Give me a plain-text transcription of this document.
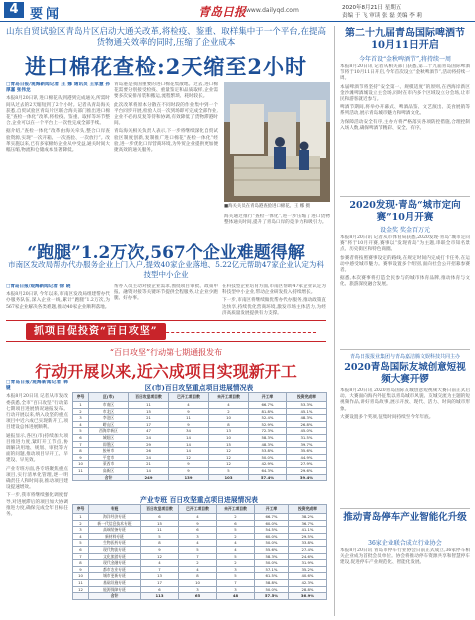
4 要闻	青岛日报 www.dailyqd.com	2020年8月21日 星期五
责编 于 飞 审读 张 磊 美编 李 莉
山东自贸试验区青岛片区启动大通关改革,将检疫、鉴重、取样集中于一个平台,在提高货物通关效率的同时,压缩了企业成本
进口棉花查检:2天缩至2小时

□青岛日报/观海新闻记者 王 娜 通讯员 王家慧 孙厚嘉 张伟龙

本报8月20日讯 进口棉花从到港到完成通关,所需时间从过去的2天缩短到了2个小时。记者从青岛海关获悉,自贸试验区青岛片区联合海关部门推出进口棉花“查检一体化”改革,将检疫、鉴重、取样等环节整合,企业可以在一个平台上一次性完成全部手续。

据介绍,“查检一体化”改革由海关牵头,整合口岸查验资源,实现“一次开箱、一次查验、一次放行”。改革实施以来,已有多家棉纺企业从中受益,通关时间大幅压缩,物流和仓储成本显著降低。

青岛港是我国重要的进口棉花集散地。过去,进口棉花需要分别接受检疫、重量鉴定和品质取样,企业需要多次安排吊装和搬运,流程繁琐、耗时较长。

此次改革将原本分散在不同时段的作业集中到一个平台同步开展,检验人员一次到场即可完成全部作业,企业不必再反复等待和协调,有效降低了货物滞港时间。

青岛海关相关负责人表示,下一步将继续深化自贸试验区制度创新,复制推广进口棉花“查检一体化”经验,进一步优化口岸营商环境,为外贸企业提供更加便捷高效的通关服务。

■海关关员在青岛港查验进口棉花。王 娜 摄

海关通过推行“查检一体化”,进一步压缩了进口货物整体通关时间,提升了青岛口岸的竞争力和吸引力。

“跑腿”1.2万次,567个企业难题得解
市南区发改局帮办代办服务企业上门入户,提效40家企业落地、5.22亿元帮助47家企业认定为科技型中小企业

□青岛日报/观海新闻记者 徐 晓

本报8月20日讯 今年以来,市南区发改局组建帮办代办服务队伍,深入企业一线,累计“跑腿”1.2万次,为567家企业解决各类难题,推动40家企业顺利落地。

帮办人员主动对接企业需求,围绕项目审批、政策申报、融资对接等关键环节提供全程服务,让企业少跑腿、好办事。

在科技型企业培育方面,市南区帮助47家企业认定为科技型中小企业,带动企业研发投入持续增长。

下一步,市南区将继续做优帮办代办服务,推动政策直达快享,持续优化营商环境,激发市场主体活力,为经济高质量发展提供有力支撑。

抓项目促投资“百日攻坚”
“百日攻坚”行动第七期通报发布
行动开展以来,近六成项目实现新开工

□青岛日报/观海新闻记者 韩 键

本报8月20日讯 记者从市发改委获悉,全市“百日攻坚”行动第七期项目进展情况通报发布。行动开展以来,纳入攻坚的重点项目中近六成已实现新开工,项目建设总体进展顺利。

通报显示,各区(市)持续加大项目推进力度,紧盯开工节点,协调解决用地、规划、审批等方面的问题,推动项目早开工、早建设、早见效。

产业专班方面,各专班聚焦重点项目,实行清单化管理,逐一明确责任人和时间表,推动项目建设提速增效。

下一步,我市将继续强化调度督导,对进展滞后的项目加大协调推进力度,确保完成全年目标任务。

区(市)百日攻坚重点项目进展情况表
序号	区(市)	百日攻坚项目数	已开工项目数	未开工项目数	开工率	投资完成率
1	市南区	11	4	4	66.7%	53.3%
2	市北区	15	9	2	81.8%	45.1%
3	李沧区	21	11	10	52.4%	48.3%
4	崂山区	17	9	8	52.9%	26.8%
5	西海岸新区	47	34	13	72.3%	45.0%
6	城阳区	24	14	10	58.3%	31.5%
7	即墨区	29	14	15	48.3%	39.7%
8	胶州市	26	14	12	53.8%	35.6%
9	平度市	24	12	12	50.0%	44.9%
10	莱西市	21	9	12	42.9%	27.9%
11	高新区	14	9	5	64.3%	29.6%
	合计	249	139	103	57.4%	39.4%
产业专班 百日攻坚重点项目进展情况表
序号	专班	百日攻坚项目数	已开工项目数	未开工项目数	开工率	投资完成率
1	海洋经济专班	6	4	2	66.7%	38.2%
2	新一代信息技术专班	15	9	6	60.0%	36.7%
3	高端装备专班	11	6	5	54.5%	41.1%
4	新材料专班	5	3	2	60.0%	29.5%
5	生物医药专班	8	4	4	50.0%	33.8%
6	现代物流专班	9	5	4	55.6%	27.4%
7	文化旅游专班	12	7	5	58.3%	24.6%
8	现代金融专班	4	2	2	50.0%	31.9%
9	都市农业专班	7	4	3	57.1%	35.2%
10	城市更新专班	13	8	5	61.5%	40.6%
11	基础设施专班	17	10	7	58.8%	42.3%
12	能源保障专班	6	3	3	50.0%	28.8%
	合计	113	65	48	57.5%	36.9%
第二十九届青岛国际啤酒节10月11日开启
今年首设“金秋啤酒节”,将持续一周

本报8月20日讯 记者从相关部门获悉,第二十九届青岛国际啤酒节将于10月11日开启,今年首次设立“金秋啤酒节”,活动将持续一周。

本届啤酒节将坚持“安全第一、规模适度”的原则,在西海岸新区金沙滩啤酒城设立主会场,同时在市内多个区域设立分会场,让市民和游客就近参与。

啤酒节期间,将举办开幕式、啤酒品鉴、文艺演出、美食展销等系列活动,展示青岛城市魅力和啤酒文化。

为保障活动安全有序,主办方将严格落实各项防控措施,合理控制入场人数,确保啤酒节精彩、安全、有序。

2020发现·青岛“城市定向赛”10月开赛
设金奖 奖金百万元

本报8月20日讯 记者从市体育局获悉,2020发现·青岛“城市定向赛”将于10月开赛,赛事以“发现青岛”为主题,串联全市知名景点、历史街区和特色商圈。

参赛者将按照赛事设定的路线,在规定时间内完成打卡任务,在运动中感受城市魅力。赛事设置多个组别,面向社会公开招募参赛者。

据悉,本次赛事将打造全民参与的城市体育品牌,推动体育与文化、旅游深度融合发展。

青岛日报报业集团与青岛嘉洁腾文娱科技共同主办
2020青岛国际友城创意短视频大赛开锣

本报8月20日讯 2020青岛国际友城创意短视频大赛日前正式启动。大赛面向海内外征集以青岛城市风貌、友城交流为主题的短视频作品,讲好青岛故事,展示开放、现代、活力、时尚的城市形象。

大赛设置多个奖项,征集时间持续至今年年底。

推动青岛停车产业智能化升级
36家企业联合成立行业协会

本报8月20日讯 青岛市停车行业协会日前正式成立,36家停车相关企业成为首批会员单位。协会将推动停车资源共享和智慧停车建设,促进停车产业规范化、智能化发展。
